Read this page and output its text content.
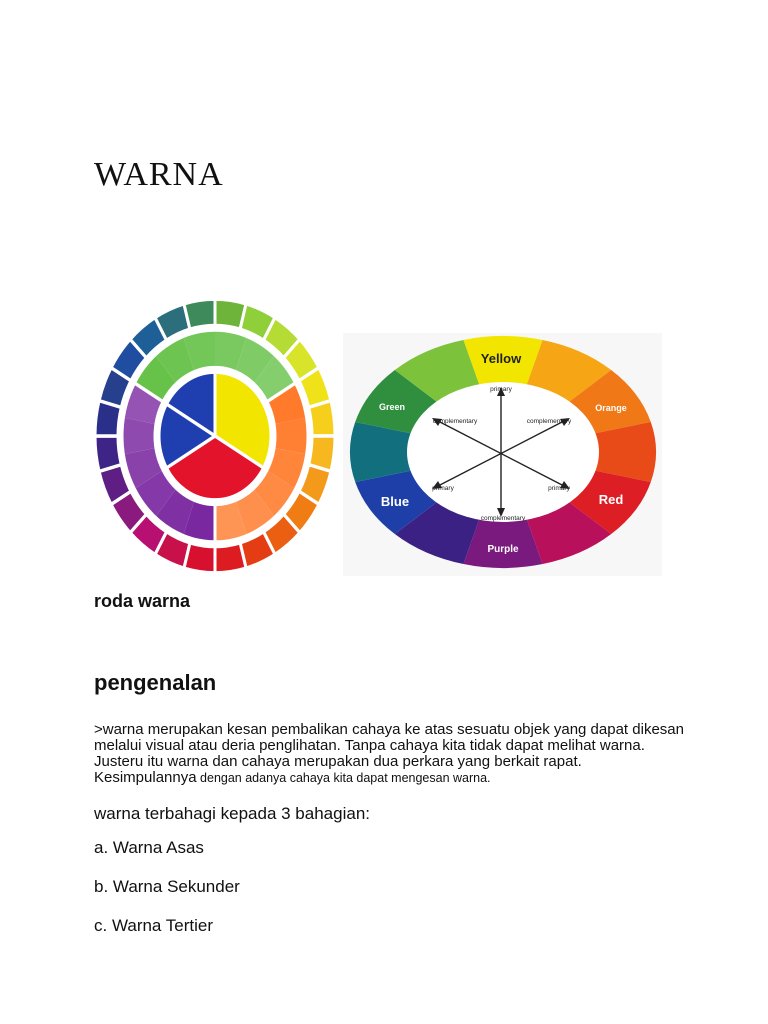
WARNA
primary
complementary	complementary
primary	primary
complementary
Yellow
Green	Orange
Blue	Red
Purple

roda warna

pengenalan

>warna merupakan kesan pembalikan cahaya ke atas sesuatu objek yang dapat dikesan melalui visual atau deria penglihatan. Tanpa cahaya kita tidak dapat melihat warna. Justeru itu warna dan cahaya merupakan dua perkara yang berkait rapat. Kesimpulannya dengan adanya cahaya kita dapat mengesan warna.

warna terbahagi kepada 3 bahagian:

a. Warna Asas

b. Warna Sekunder

c. Warna Tertier
